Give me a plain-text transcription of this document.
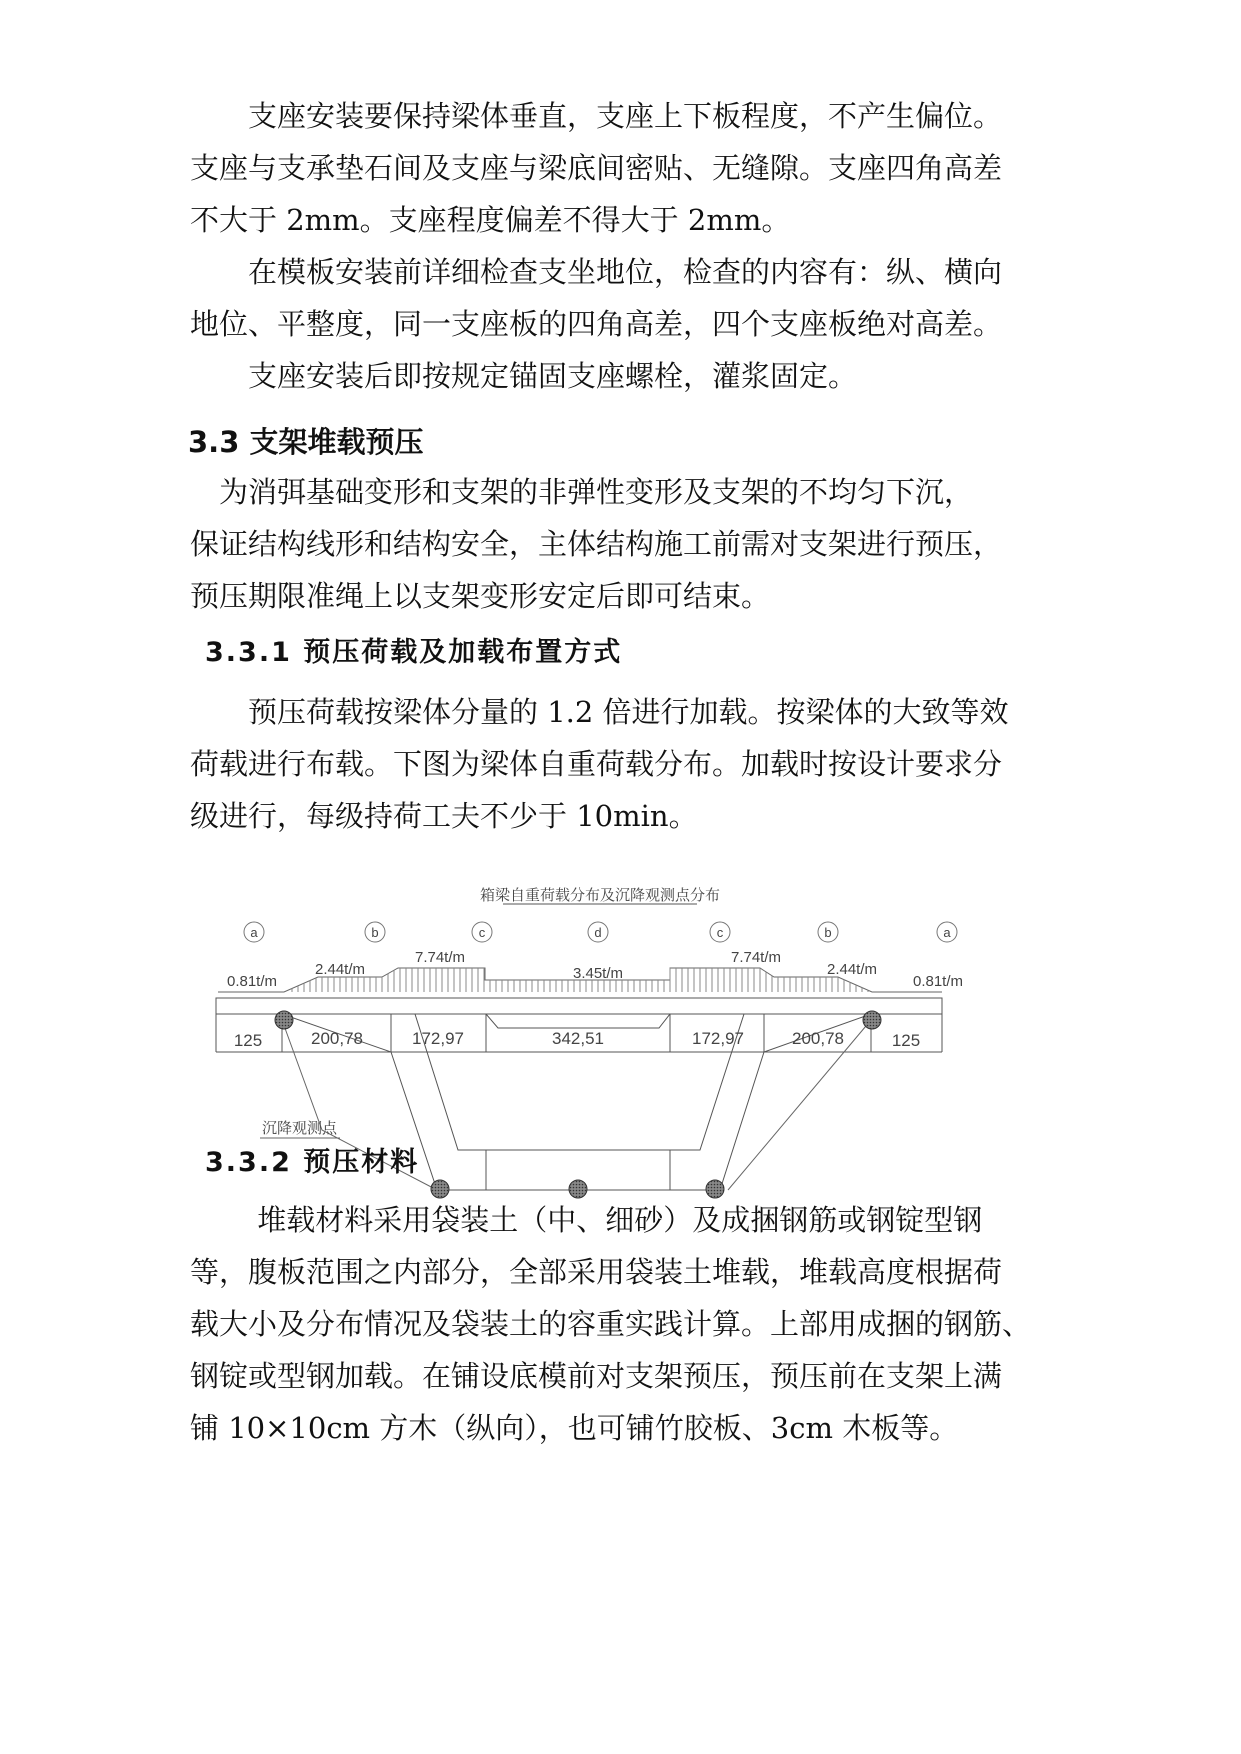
　　支座安装要保持梁体垂直，支座上下板程度，不产生偏位。
支座与支承垫石间及支座与梁底间密贴、无缝隙。支座四角高差
不大于 2mm。支座程度偏差不得大于 2mm。

　　在模板安装前详细检查支坐地位，检查的内容有：纵、横向
地位、平整度，同一支座板的四角高差，四个支座板绝对高差。

　　支座安装后即按规定锚固支座螺栓，灌浆固定。

3.3 支架堆载预压

　为消弭基础变形和支架的非弹性变形及支架的不均匀下沉，
保证结构线形和结构安全，主体结构施工前需对支架进行预压，
预压期限准绳上以支架变形安定后即可结束。

3.3.1 预压荷载及加载布置方式

　　预压荷载按梁体分量的 1.2 倍进行加载。按梁体的大致等效
荷载进行布载。下图为梁体自重荷载分布。加载时按设计要求分
级进行，每级持荷工夫不少于 10min。

箱梁自重荷载分布及沉降观测点分布
a	b	c	d	c	b	a
0.81t/m
2.44t/m
7.74t/m
3.45t/m
7.74t/m
2.44t/m
0.81t/m
125	200,78	172,97	342,51	172,97	200,78	125
沉降观测点
3.3.2 预压材料

　　 堆载材料采用袋装土（中、细砂）及成捆钢筋或钢锭型钢
等，腹板范围之内部分，全部采用袋装土堆载，堆载高度根据荷
载大小及分布情况及袋装土的容重实践计算。上部用成捆的钢筋、
钢锭或型钢加载。在铺设底模前对支架预压，预压前在支架上满
铺 10×10cm 方木（纵向），也可铺竹胶板、3cm 木板等。
